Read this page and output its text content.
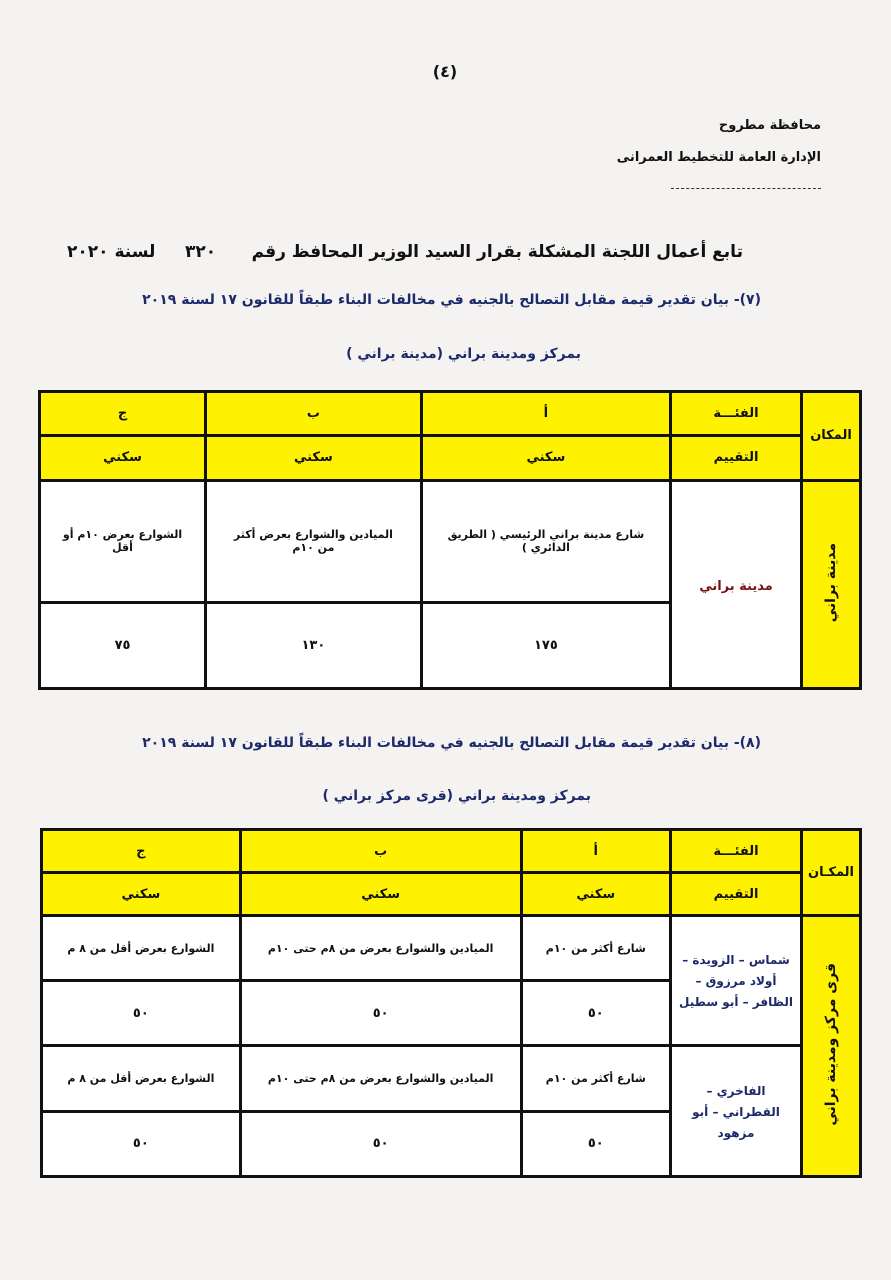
(٤)
محافظة مطروح
الإدارة العامة للتخطيط العمرانى
تابع أعمال اللجنة المشكلة بقرار السيد الوزير المحافظ رقم      ٣٢٠     لسنة ٢٠٢٠
(٧)- بيان تقدير قيمة مقابل التصالح بالجنيه في مخالفات البناء طبقاً للقانون ١٧ لسنة ٢٠١٩
بمركز ومدينة براني (مدينة براني )
المكان	الفئـــة	أ	ب	ج
	التقييم	سكني	سكني	سكني
مدينة براني	مدينة براني	شارع مدينة براني الرئيسي ( الطريق الدائري )	الميادين والشوارع بعرض أكثر من ١٠م	الشوارع بعرض ١٠م أو أقل
		١٧٥	١٣٠	٧٥
(٨)- بيان تقدير قيمة مقابل التصالح بالجنيه في مخالفات البناء طبقاً للقانون ١٧ لسنة ٢٠١٩
بمركز ومدينة براني (قرى مركز براني )
المكـان	الفئـــة	أ	ب	ج
	التقييم	سكني	سكني	سكني
قرى مركز ومدينة براني	شماس – الزويدة – أولاد مرزوق – الظافر – أبو سطيل	شارع أكثر من ١٠م	الميادين والشوارع بعرض من ٨م حتى ١٠م	الشوارع بعرض أقل من ٨ م
		٥٠	٥٠	٥٠
	الفاخري – القطراني – أبو مزهود	شارع أكثر من ١٠م	الميادين والشوارع بعرض من ٨م حتى ١٠م	الشوارع بعرض أقل من ٨ م
		٥٠	٥٠	٥٠
